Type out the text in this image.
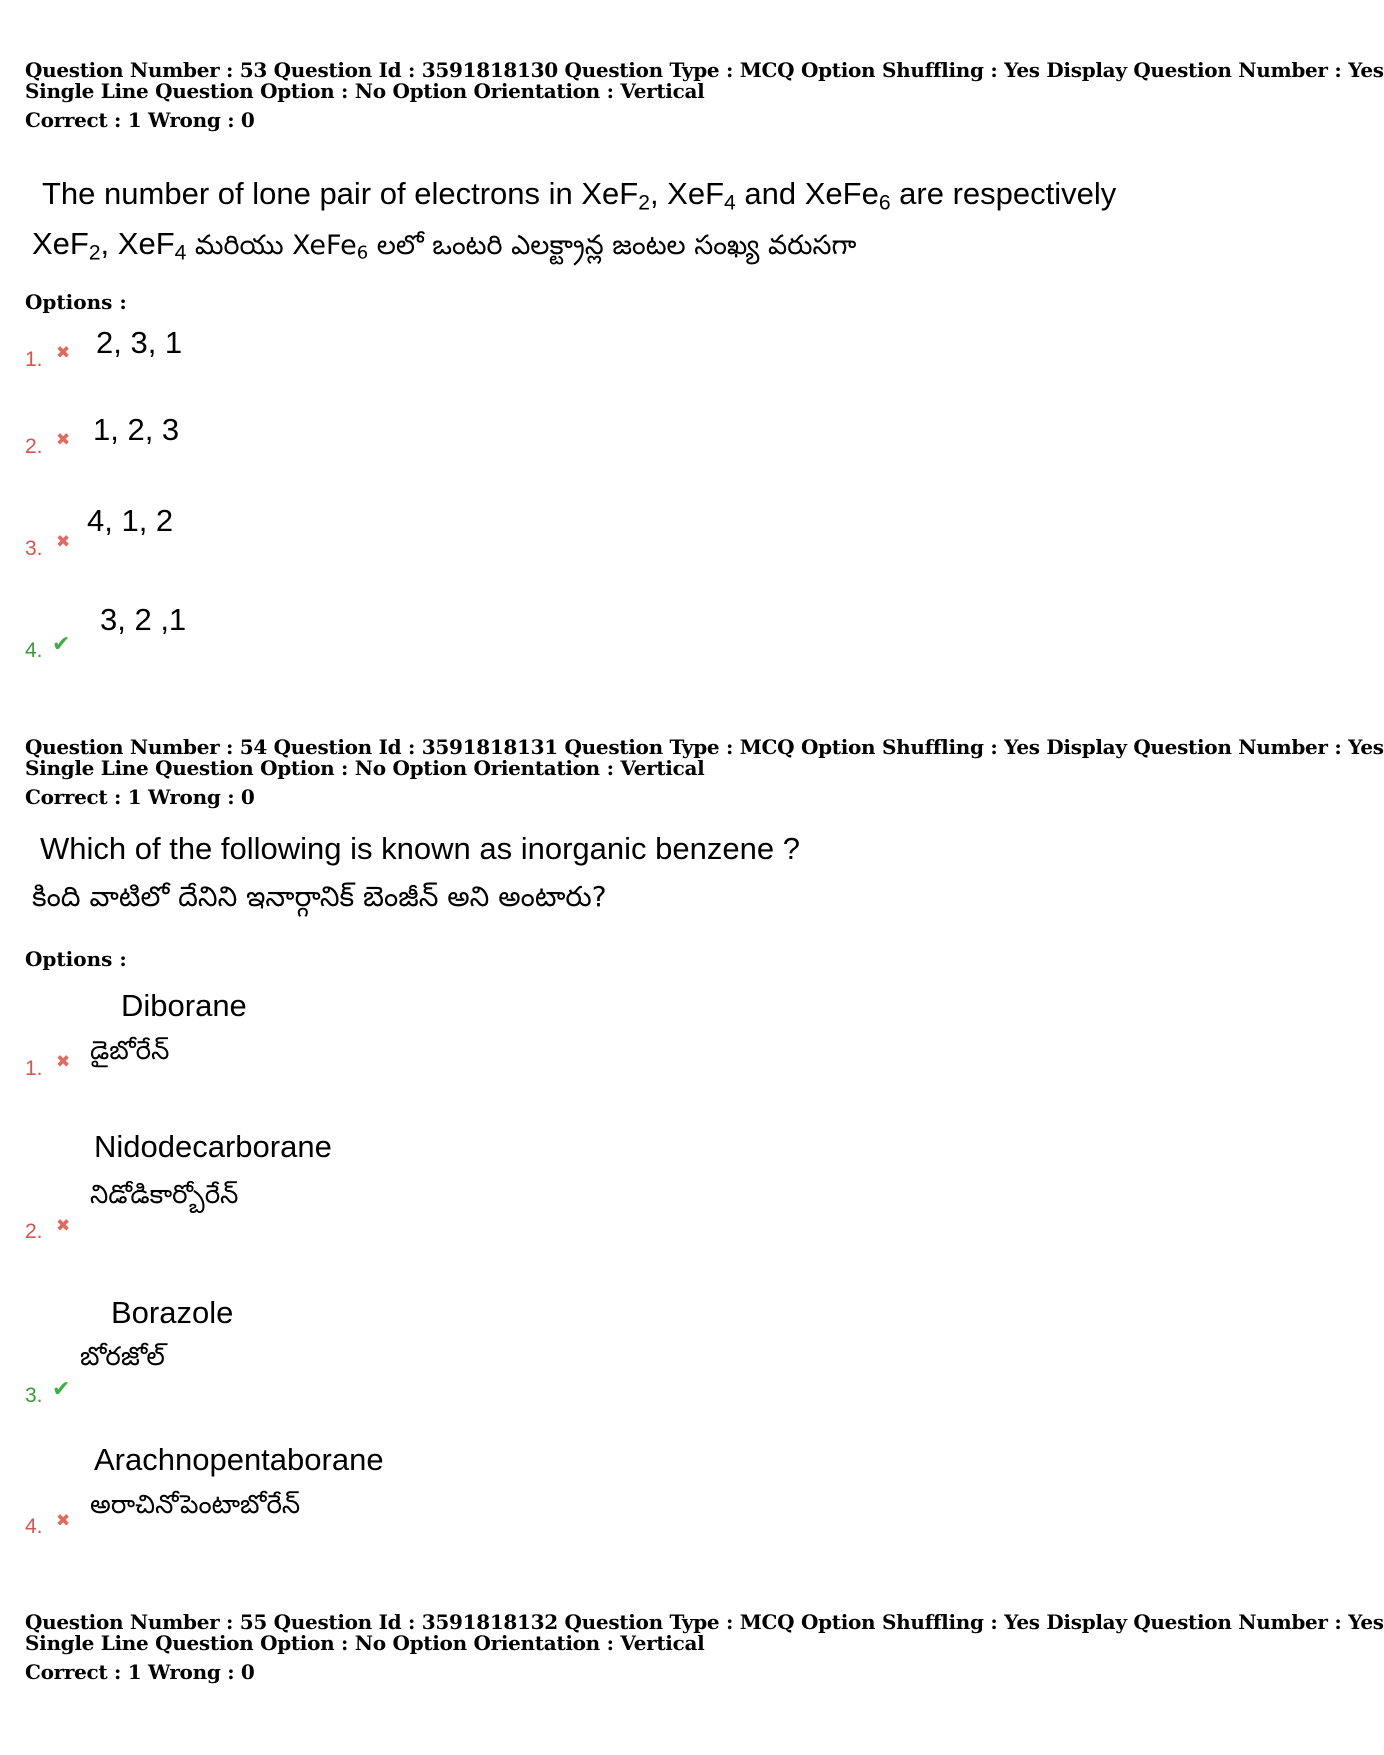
Question Number : 53 Question Id : 3591818130 Question Type : MCQ Option Shuffling : Yes Display Question Number : Yes
Single Line Question Option : No Option Orientation : Vertical
Correct : 1 Wrong : 0
The number of lone pair of electrons in XeF$_2$, XeF$_4$ and XeFe$_6$ are respectively
XeF$_2$, XeF$_4$ మరియు XeFe$_6$ లలో ఒంటరి ఎలక్ట్రాన్ల జంటల సంఖ్య వరుసగా
Options :
1. ✖ 2, 3, 1
2. ✖ 1, 2, 3
3. ✖
4, 1, 2
4. ✔
3, 2 ,1
Question Number : 54 Question Id : 3591818131 Question Type : MCQ Option Shuffling : Yes Display Question Number : Yes
Single Line Question Option : No Option Orientation : Vertical
Correct : 1 Wrong : 0
Which of the following is known as inorganic benzene ?
కింది వాటిలో దేనిని ఇనార్గానిక్ బెంజీన్ అని అంటారు?
Options :
Diborane
డైబోరేన్
1. ✖
Nidodecarborane
నిడోడికార్బోరేన్
2. ✖
Borazole
బోరజోల్
3. ✔
Arachnopentaborane
అరాచినోపెంటాబోరేన్
4. ✖
Question Number : 55 Question Id : 3591818132 Question Type : MCQ Option Shuffling : Yes Display Question Number : Yes
Single Line Question Option : No Option Orientation : Vertical
Correct : 1 Wrong : 0
